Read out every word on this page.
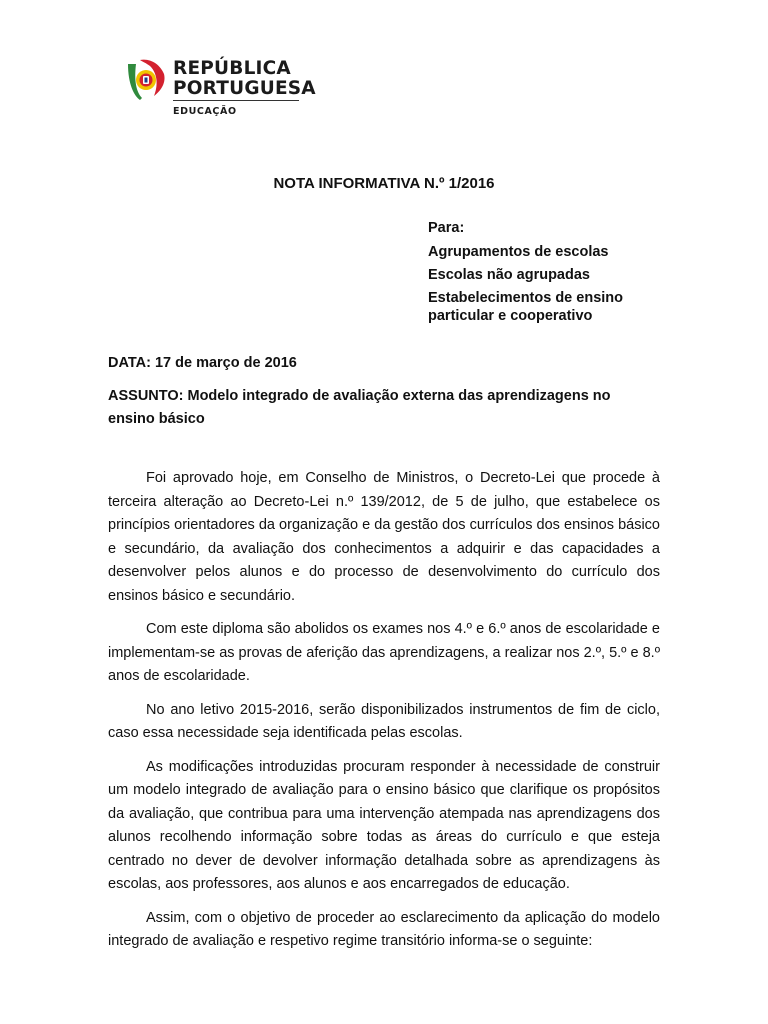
REPÚBLICA
PORTUGUESA
EDUCAÇÃO
NOTA INFORMATIVA N.º 1/2016
Para:
Agrupamentos de escolas
Escolas não agrupadas
Estabelecimentos de ensino particular e cooperativo
DATA: 17 de março de 2016
ASSUNTO: Modelo integrado de avaliação externa das aprendizagens no ensino básico

Foi aprovado hoje, em Conselho de Ministros, o Decreto-Lei que procede à terceira alteração ao Decreto-Lei n.º 139/2012, de 5 de julho, que estabelece os princípios orientadores da organização e da gestão dos currículos dos ensinos básico e secundário, da avaliação dos conhecimentos a adquirir e das capacidades a desenvolver pelos alunos e do processo de desenvolvimento do currículo dos ensinos básico e secundário.

Com este diploma são abolidos os exames nos 4.º e 6.º anos de escolaridade e implementam-se as provas de aferição das aprendizagens, a realizar nos 2.º, 5.º e 8.º anos de escolaridade.

No ano letivo 2015-2016, serão disponibilizados instrumentos de fim de ciclo, caso essa necessidade seja identificada pelas escolas.

As modificações introduzidas procuram responder à necessidade de construir um modelo integrado de avaliação para o ensino básico que clarifique os propósitos da avaliação, que contribua para uma intervenção atempada nas aprendizagens dos alunos recolhendo informação sobre todas as áreas do currículo e que esteja centrado no dever de devolver informação detalhada sobre as aprendizagens às escolas, aos professores, aos alunos e aos encarregados de educação.

Assim, com o objetivo de proceder ao esclarecimento da aplicação do modelo integrado de avaliação e respetivo regime transitório informa-se o seguinte:
